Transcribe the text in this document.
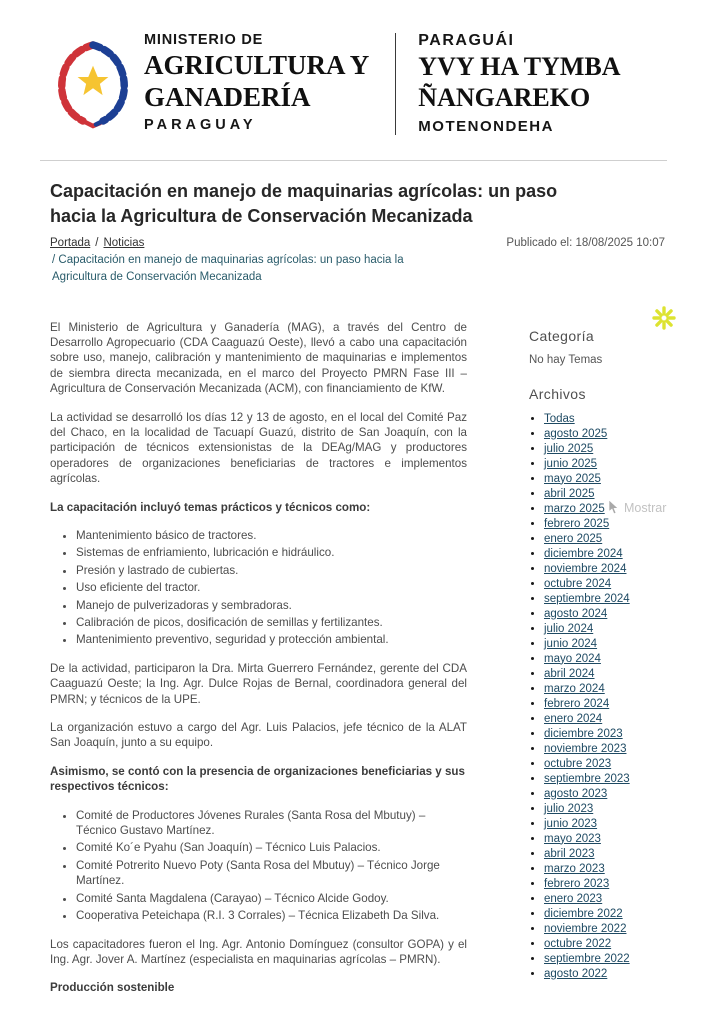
MINISTERIO DE
AGRICULTURA Y
GANADERÍA
PARAGUAY
PARAGUÁI
YVY HA TYMBA
ÑANGAREKO
MOTENONDEHA
Capacitación en manejo de maquinarias agrícolas: un paso hacia la Agricultura de Conservación Mecanizada
Portada / Noticias	Publicado el: 18/08/2025 10:07
/ Capacitación en manejo de maquinarias agrícolas: un paso hacia la Agricultura de Conservación Mecanizada

El Ministerio de Agricultura y Ganadería (MAG), a través del Centro de Desarrollo Agropecuario (CDA Caaguazú Oeste), llevó a cabo una capacitación sobre uso, manejo, calibración y mantenimiento de maquinarias e implementos de siembra directa mecanizada, en el marco del Proyecto PMRN Fase III – Agricultura de Conservación Mecanizada (ACM), con financiamiento de KfW.

La actividad se desarrolló los días 12 y 13 de agosto, en el local del Comité Paz del Chaco, en la localidad de Tacuapí Guazú, distrito de San Joaquín, con la participación de técnicos extensionistas de la DEAg/MAG y productores operadores de organizaciones beneficiarias de tractores e implementos agrícolas.

La capacitación incluyó temas prácticos y técnicos como:

• Mantenimiento básico de tractores.
• Sistemas de enfriamiento, lubricación e hidráulico.
• Presión y lastrado de cubiertas.
• Uso eficiente del tractor.
• Manejo de pulverizadoras y sembradoras.
• Calibración de picos, dosificación de semillas y fertilizantes.
• Mantenimiento preventivo, seguridad y protección ambiental.

De la actividad, participaron la Dra. Mirta Guerrero Fernández, gerente del CDA Caaguazú Oeste; la Ing. Agr. Dulce Rojas de Bernal, coordinadora general del PMRN; y técnicos de la UPE.

La organización estuvo a cargo del Agr. Luis Palacios, jefe técnico de la ALAT San Joaquín, junto a su equipo.

Asimismo, se contó con la presencia de organizaciones beneficiarias y sus respectivos técnicos:

• Comité de Productores Jóvenes Rurales (Santa Rosa del Mbutuy) – Técnico Gustavo Martínez.
• Comité Ko´e Pyahu (San Joaquín) – Técnico Luis Palacios.
• Comité Potrerito Nuevo Poty (Santa Rosa del Mbutuy) – Técnico Jorge Martínez.
• Comité Santa Magdalena (Carayao) – Técnico Alcide Godoy.
• Cooperativa Peteichapa (R.I. 3 Corrales) – Técnica Elizabeth Da Silva.

Los capacitadores fueron el Ing. Agr. Antonio Domínguez (consultor GOPA) y el Ing. Agr. Jover A. Martínez (especialista en maquinarias agrícolas – PMRN).

Producción sostenible

Categoría
No hay Temas
Archivos
• Todas
• agosto 2025
• julio 2025
• junio 2025
• mayo 2025
• abril 2025
• marzo 2025
• febrero 2025
• enero 2025
• diciembre 2024
• noviembre 2024
• octubre 2024
• septiembre 2024
• agosto 2024
• julio 2024
• junio 2024
• mayo 2024
• abril 2024
• marzo 2024
• febrero 2024
• enero 2024
• diciembre 2023
• noviembre 2023
• octubre 2023
• septiembre 2023
• agosto 2023
• julio 2023
• junio 2023
• mayo 2023
• abril 2023
• marzo 2023
• febrero 2023
• enero 2023
• diciembre 2022
• noviembre 2022
• octubre 2022
• septiembre 2022
• agosto 2022
Mostrar
